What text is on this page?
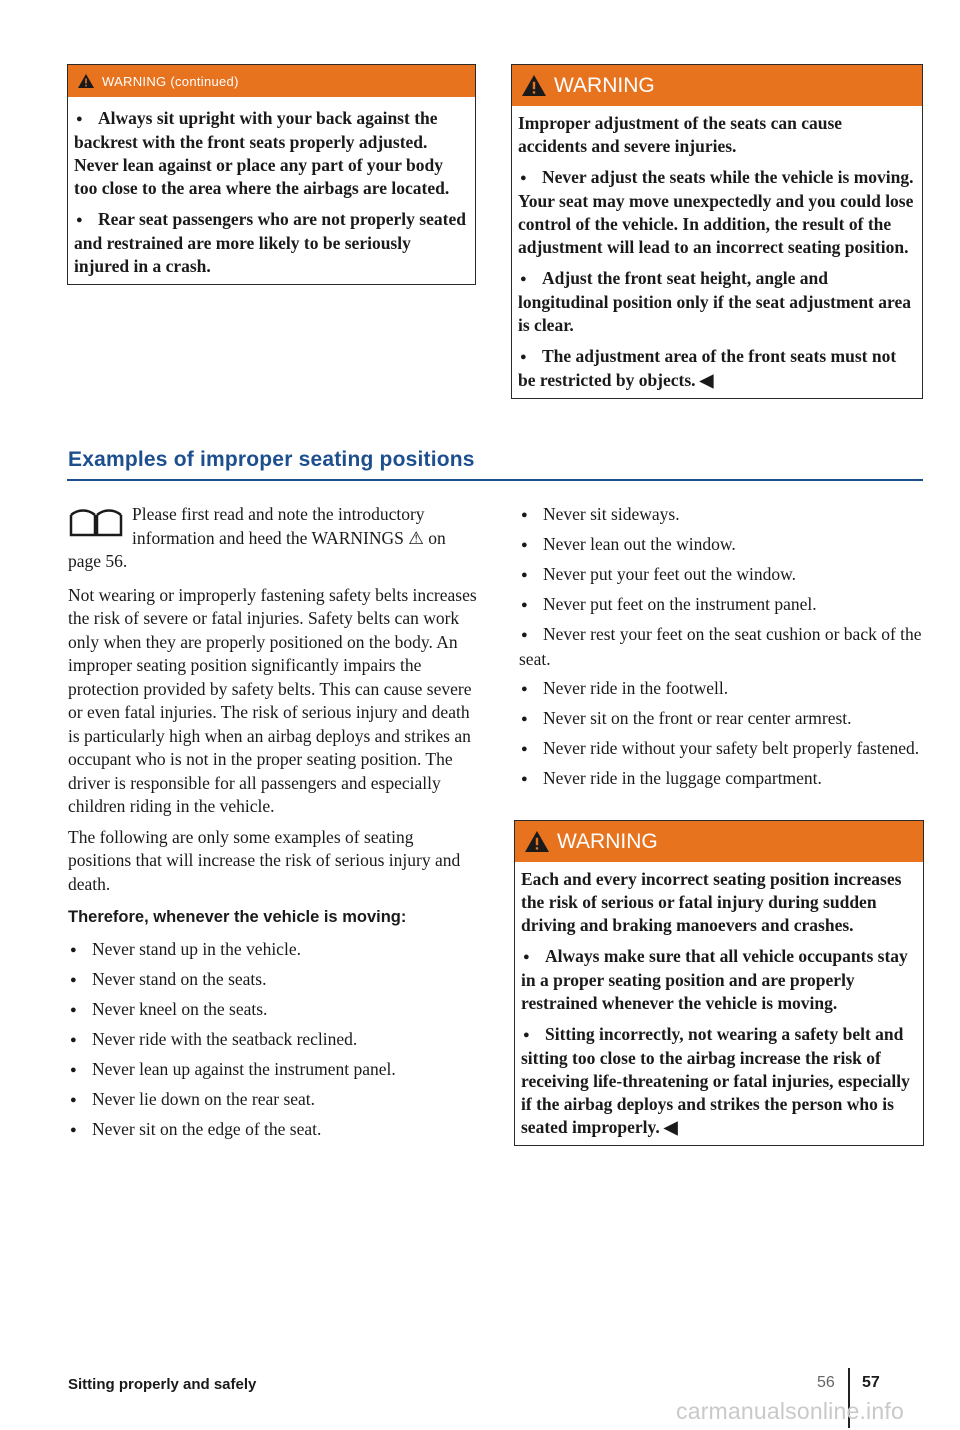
WARNING (continued)

● Always sit upright with your back against the backrest with the front seats properly adjusted. Never lean against or place any part of your body too close to the area where the airbags are located.

● Rear seat passengers who are not properly seated and restrained are more likely to be seriously injured in a crash.

WARNING

Improper adjustment of the seats can cause accidents and severe injuries.

● Never adjust the seats while the vehicle is moving. Your seat may move unexpectedly and you could lose control of the vehicle. In addition, the result of the adjustment will lead to an incorrect seating position.

● Adjust the front seat height, angle and longitudinal position only if the seat adjustment area is clear.

● The adjustment area of the front seats must not be restricted by objects. ◀

Examples of improper seating positions

Please first read and note the introductory information and heed the WARNINGS ⚠ on page 56.

Not wearing or improperly fastening safety belts increases the risk of severe or fatal injuries. Safety belts can work only when they are properly positioned on the body. An improper seating position significantly impairs the protection provided by safety belts. This can cause severe or even fatal injuries. The risk of serious injury and death is particularly high when an airbag deploys and strikes an occupant who is not in the proper seating position. The driver is responsible for all passengers and especially children riding in the vehicle.

The following are only some examples of seating positions that will increase the risk of serious injury and death.

Therefore, whenever the vehicle is moving:

● Never stand up in the vehicle.

● Never stand on the seats.

● Never kneel on the seats.

● Never ride with the seatback reclined.

● Never lean up against the instrument panel.

● Never lie down on the rear seat.

● Never sit on the edge of the seat.

● Never sit sideways.

● Never lean out the window.

● Never put your feet out the window.

● Never put feet on the instrument panel.

● Never rest your feet on the seat cushion or back of the seat.

● Never ride in the footwell.

● Never sit on the front or rear center armrest.

● Never ride without your safety belt properly fastened.

● Never ride in the luggage compartment.

WARNING

Each and every incorrect seating position increases the risk of serious or fatal injury during sudden driving and braking manoevers and crashes.

● Always make sure that all vehicle occupants stay in a proper seating position and are properly restrained whenever the vehicle is moving.

● Sitting incorrectly, not wearing a safety belt and sitting too close to the airbag increase the risk of receiving life-threatening or fatal injuries, especially if the airbag deploys and strikes the person who is seated improperly. ◀

Sitting properly and safely	56 57
carmanualsonline.info
